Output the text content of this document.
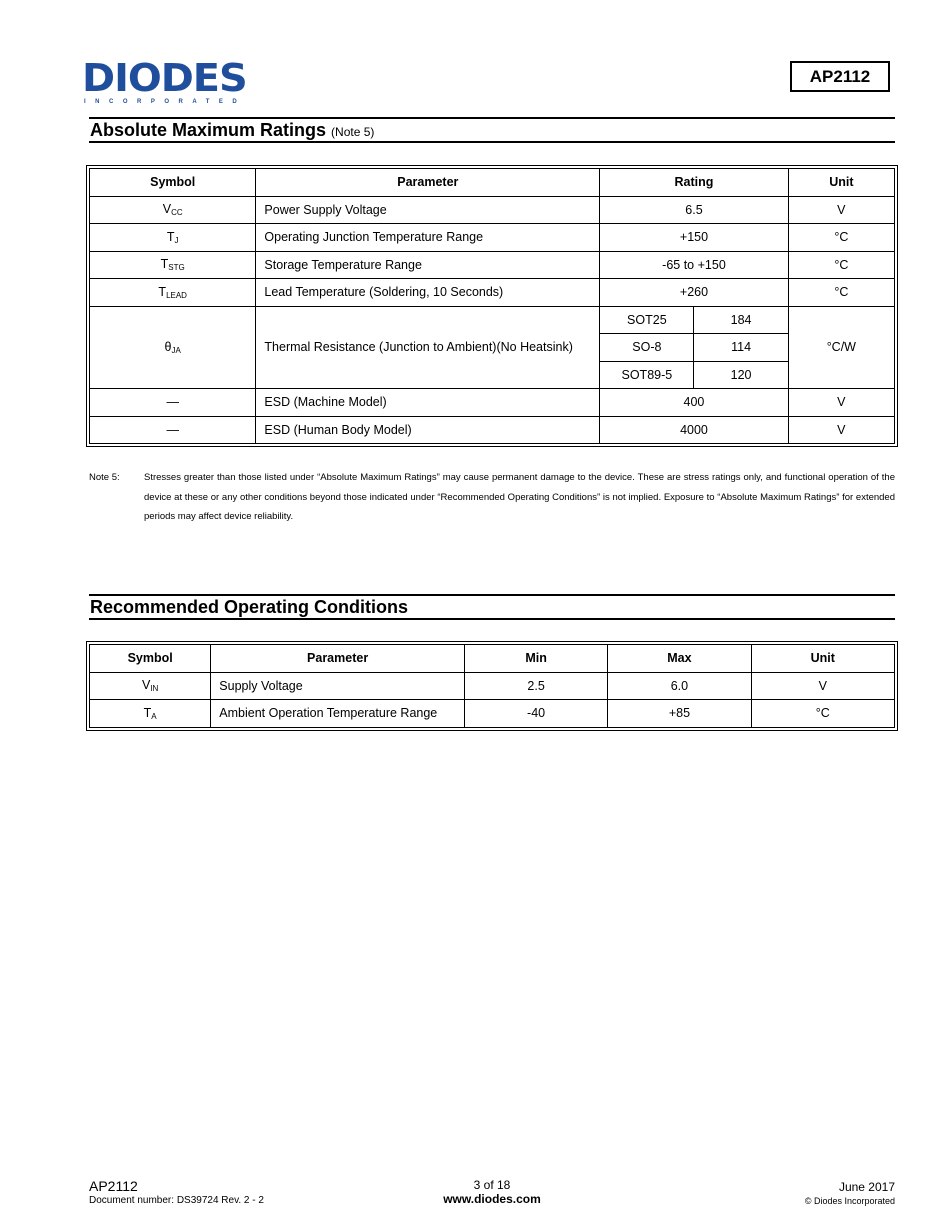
DIODES
INCORPORATED
AP2112
Absolute Maximum Ratings (Note 5)
Symbol	Parameter	Rating		Unit
$V_{CC}$	Power Supply Voltage	6.5		V
$T_J$	Operating Junction Temperature Range	+150		°C
$T_{STG}$	Storage Temperature Range	-65 to +150		°C
$T_{LEAD}$	Lead Temperature (Soldering, 10 Seconds)	+260		°C
$\theta_{JA}$	Thermal Resistance (Junction to Ambient)(No Heatsink)	SOT25	184	°C/W
		SO-8	114	
		SOT89-5	120	
—	ESD (Machine Model)	400		V
—	ESD (Human Body Model)	4000		V
Note 5:	Stresses greater than those listed under “Absolute Maximum Ratings” may cause permanent damage to the device. These are stress ratings only, and functional operation of the device at these or any other conditions beyond those indicated under “Recommended Operating Conditions” is not implied. Exposure to “Absolute Maximum Ratings” for extended periods may affect device reliability.
Recommended Operating Conditions
Symbol	Parameter	Min	Max	Unit
$V_{IN}$	Supply Voltage	2.5	6.0	V
$T_A$	Ambient Operation Temperature Range	-40	+85	°C
AP2112
Document number: DS39724 Rev. 2 - 2
3 of 18
www.diodes.com
June 2017
© Diodes Incorporated
